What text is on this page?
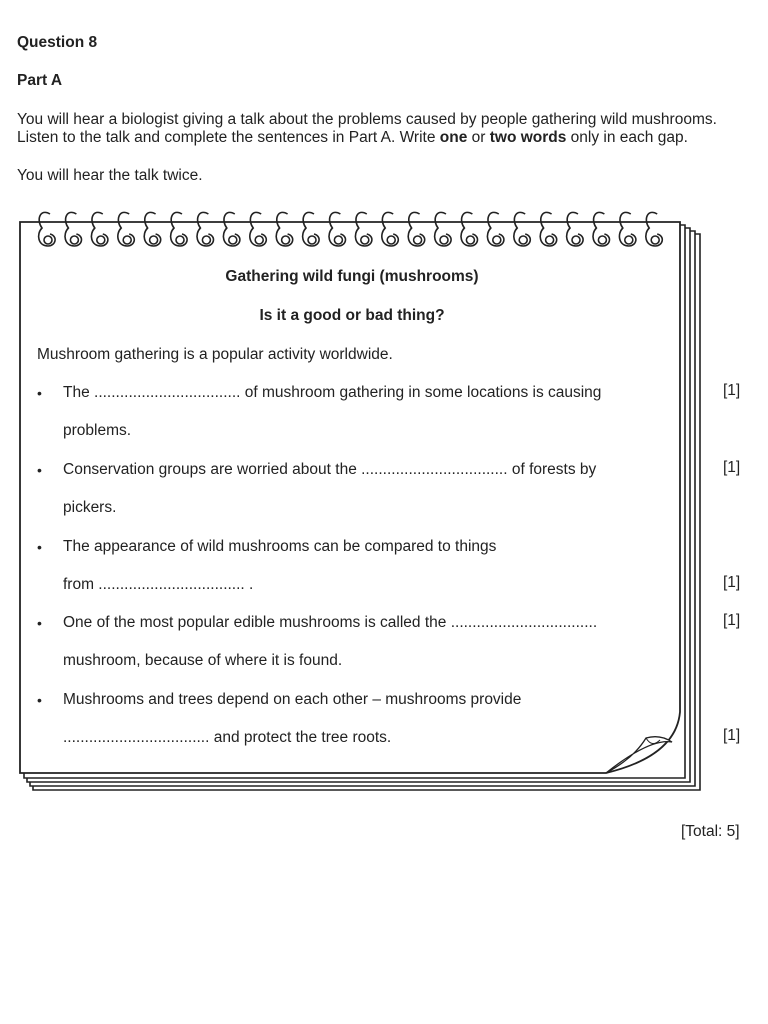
Question 8
Part A
You will hear a biologist giving a talk about the problems caused by people gathering wild mushrooms.
Listen to the talk and complete the sentences in Part A. Write one or two words only in each gap.
You will hear the talk twice.
Gathering wild fungi (mushrooms)
Is it a good or bad thing?
Mushroom gathering is a popular activity worldwide.
• The .................................. of mushroom gathering in some locations is causing
problems.
[1]
• Conservation groups are worried about the .................................. of forests by
pickers.
[1]
• The appearance of wild mushrooms can be compared to things
from .................................. .	[1]
• One of the most popular edible mushrooms is called the ..................................
mushroom, because of where it is found.
[1]
• Mushrooms and trees depend on each other – mushrooms provide
.................................. and protect the tree roots.	[1]
[Total: 5]
